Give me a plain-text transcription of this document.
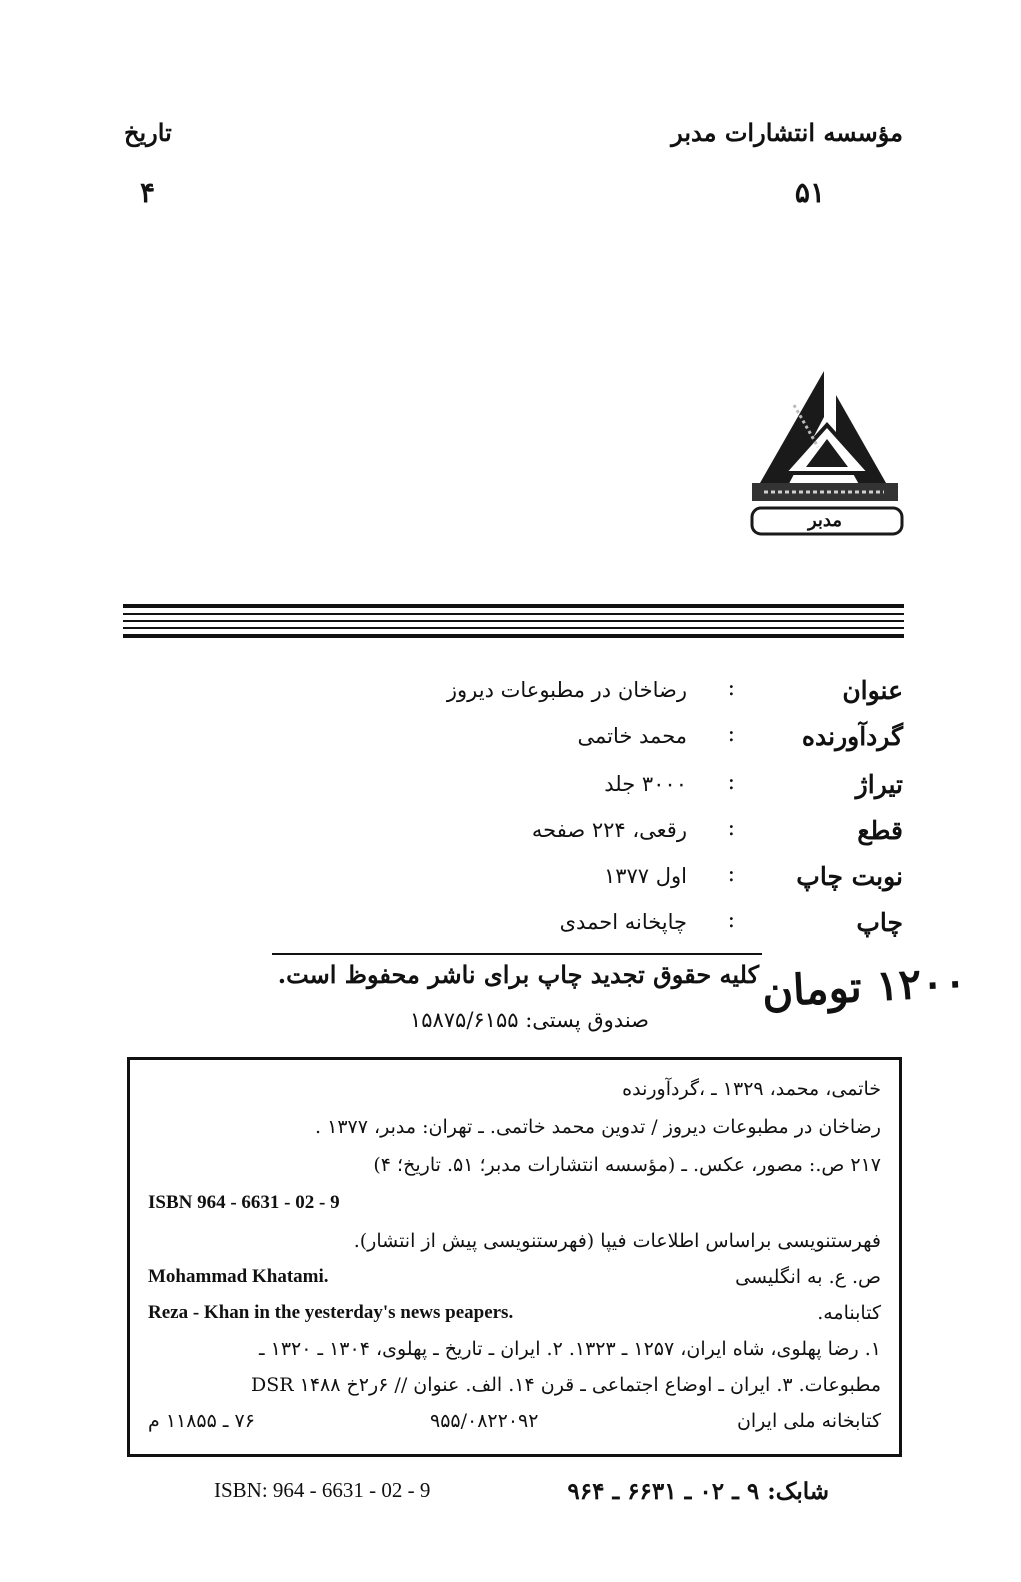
مؤسسه انتشارات مدبر
۵۱
تاریخ
۴
مدبر
عنوان
:
رضاخان در مطبوعات دیروز
گردآورنده
:
محمد خاتمی
تیراژ
:
۳۰۰۰ جلد
قطع
:
رقعی، ۲۲۴ صفحه
نوبت چاپ
:
اول ۱۳۷۷
چاپ
:
چاپخانه احمدی
کلیه حقوق تجدید چاپ برای ناشر محفوظ است.
صندوق پستی: ۱۵۸۷۵/۶۱۵۵
۱۲۰۰ تومان
خاتمی، محمد، ۱۳۲۹ ـ ،گردآورنده
رضاخان در مطبوعات دیروز / تدوین محمد خاتمی. ـ تهران: مدبر، ۱۳۷۷ .
۲۱۷ ص.: مصور، عکس. ـ (مؤسسه انتشارات مدبر؛ ۵۱. تاریخ؛ ۴)
ISBN 964 - 6631 - 02 - 9
فهرستنویسی براساس اطلاعات فیپا (فهرستنویسی پیش از انتشار).
Mohammad Khatami.	ص. ع. به انگلیسی
Reza - Khan in the yesterday's news peapers.	کتابنامه.
۱. رضا پهلوی، شاه ایران، ۱۲۵۷ ـ ۱۳۲۳. ۲. ایران ـ تاریخ ـ پهلوی، ۱۳۰۴ ـ ۱۳۲۰ ـ
مطبوعات. ۳. ایران ـ اوضاع اجتماعی ـ قرن ۱۴. الف. عنوان // ۶ر۲خ ۱۴۸۸ DSR
کتابخانه ملی ایران
۹۵۵/۰۸۲۲۰۹۲
۷۶ ـ ۱۱۸۵۵ م
شابک: ۹ ـ ۰۲ ـ ۶۶۳۱ ـ ۹۶۴
ISBN: 964 - 6631 - 02 - 9
